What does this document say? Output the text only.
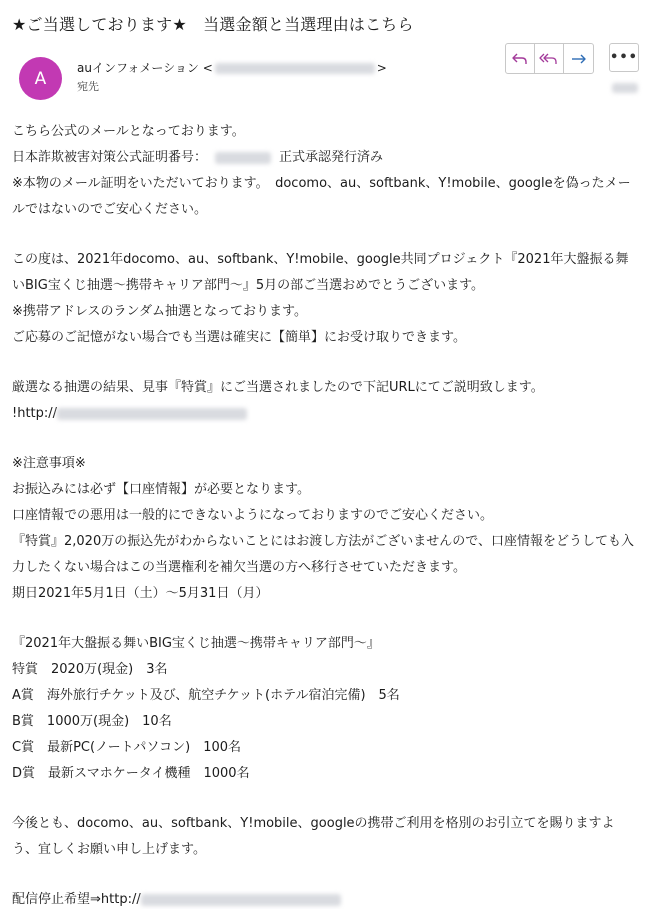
★ご当選しております★　当選金額と当選理由はこちら
A
auインフォメーション <	>
宛先
•••
こちら公式のメールとなっております。
日本詐欺被害対策公式証明番号：	正式承認発行済み
※本物のメール証明をいただいております。　docomo、au、softbank、Y!mobile、googleを偽ったメールではないのでご安心ください。
この度は、2021年docomo、au、softbank、Y!mobile、google共同プロジェクト『2021年大盤振る舞いBIG宝くじ抽選〜携帯キャリア部門〜』5月の部ご当選おめでとうございます。
※携帯アドレスのランダム抽選となっております。
ご応募のご記憶がない場合でも当選は確実に【簡単】にお受け取りできます。
厳選なる抽選の結果、見事『特賞』にご当選されましたので下記URLにてご説明致します。
!http://
※注意事項※
お振込みには必ず【口座情報】が必要となります。
口座情報での悪用は一般的にできないようになっておりますのでご安心ください。
『特賞』2,020万の振込先がわからないことにはお渡し方法がございませんので、口座情報をどうしても入力したくない場合はこの当選権利を補欠当選の方へ移行させていただきます。
期日2021年5月1日（土）〜5月31日（月）
『2021年大盤振る舞いBIG宝くじ抽選〜携帯キャリア部門〜』
特賞　2020万(現金)　3名
A賞　海外旅行チケット及び、航空チケット(ホテル宿泊完備)　5名
B賞　1000万(現金)　10名
C賞　最新PC(ノートパソコン)　100名
D賞　最新スマホケータイ機種　1000名
今後とも、docomo、au、softbank、Y!mobile、googleの携帯ご利用を格別のお引立てを賜りますよう、宜しくお願い申し上げます。
配信停止希望⇒http://
